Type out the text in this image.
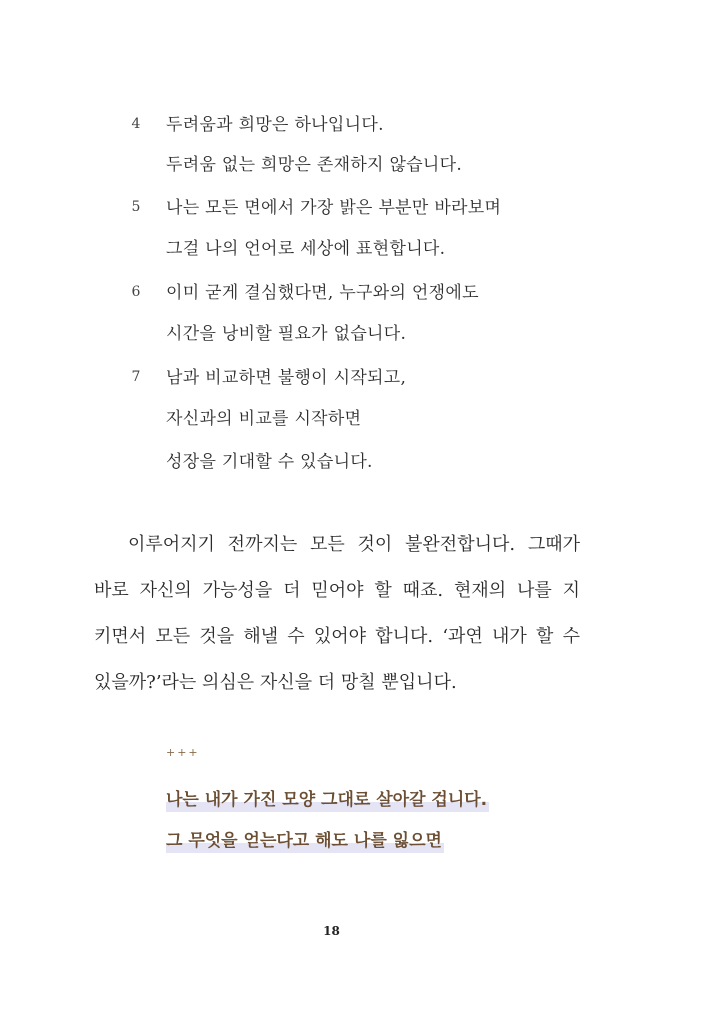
4 두려움과 희망은 하나입니다.
두려움 없는 희망은 존재하지 않습니다.
5 나는 모든 면에서 가장 밝은 부분만 바라보며
그걸 나의 언어로 세상에 표현합니다.
6 이미 굳게 결심했다면, 누구와의 언쟁에도
시간을 낭비할 필요가 없습니다.
7 남과 비교하면 불행이 시작되고,
자신과의 비교를 시작하면
성장을 기대할 수 있습니다.
이루어지기 전까지는 모든 것이 불완전합니다. 그때가
바로 자신의 가능성을 더 믿어야 할 때죠. 현재의 나를 지
키면서 모든 것을 해낼 수 있어야 합니다. ‘과연 내가 할 수
있을까?’라는 의심은 자신을 더 망칠 뿐입니다.
+++
나는 내가 가진 모양 그대로 살아갈 겁니다.
그 무엇을 얻는다고 해도 나를 잃으면
18
